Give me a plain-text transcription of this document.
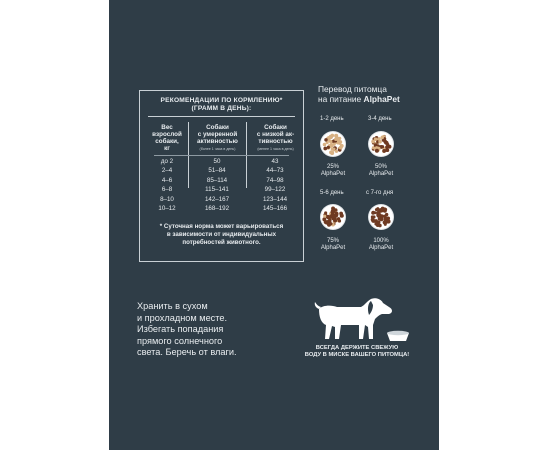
РЕКОМЕНДАЦИИ ПО КОРМЛЕНИЮ*
(ГРАММ В ДЕНЬ):
Вес
взрослой
собаки,
кг
Собаки
с умеренной
активностью
(более 1 часа в день)
Собаки
с низкой ак-
тивностью
(менее 1 часа в день)
до 2	50	43
2–4	51–84	44–73
4–6	85–114	74–98
6–8	115–141	99–122
8–10	142–167	123–144
10–12	168–192	145–166
* Суточная норма может варьироваться
в зависимости от индивидуальных
потребностей животного.
Перевод питомца
на питание AlphaPet
1-2 день
25%
AlphaPet
3-4 день
50%
AlphaPet
5-6 день
75%
AlphaPet
с 7-го дня
100%
AlphaPet
Хранить в сухом
и прохладном месте.
Избегать попадания
прямого солнечного
света. Беречь от влаги.	ВСЕГДА ДЕРЖИТЕ СВЕЖУЮ
ВОДУ В МИСКЕ ВАШЕГО ПИТОМЦА!
